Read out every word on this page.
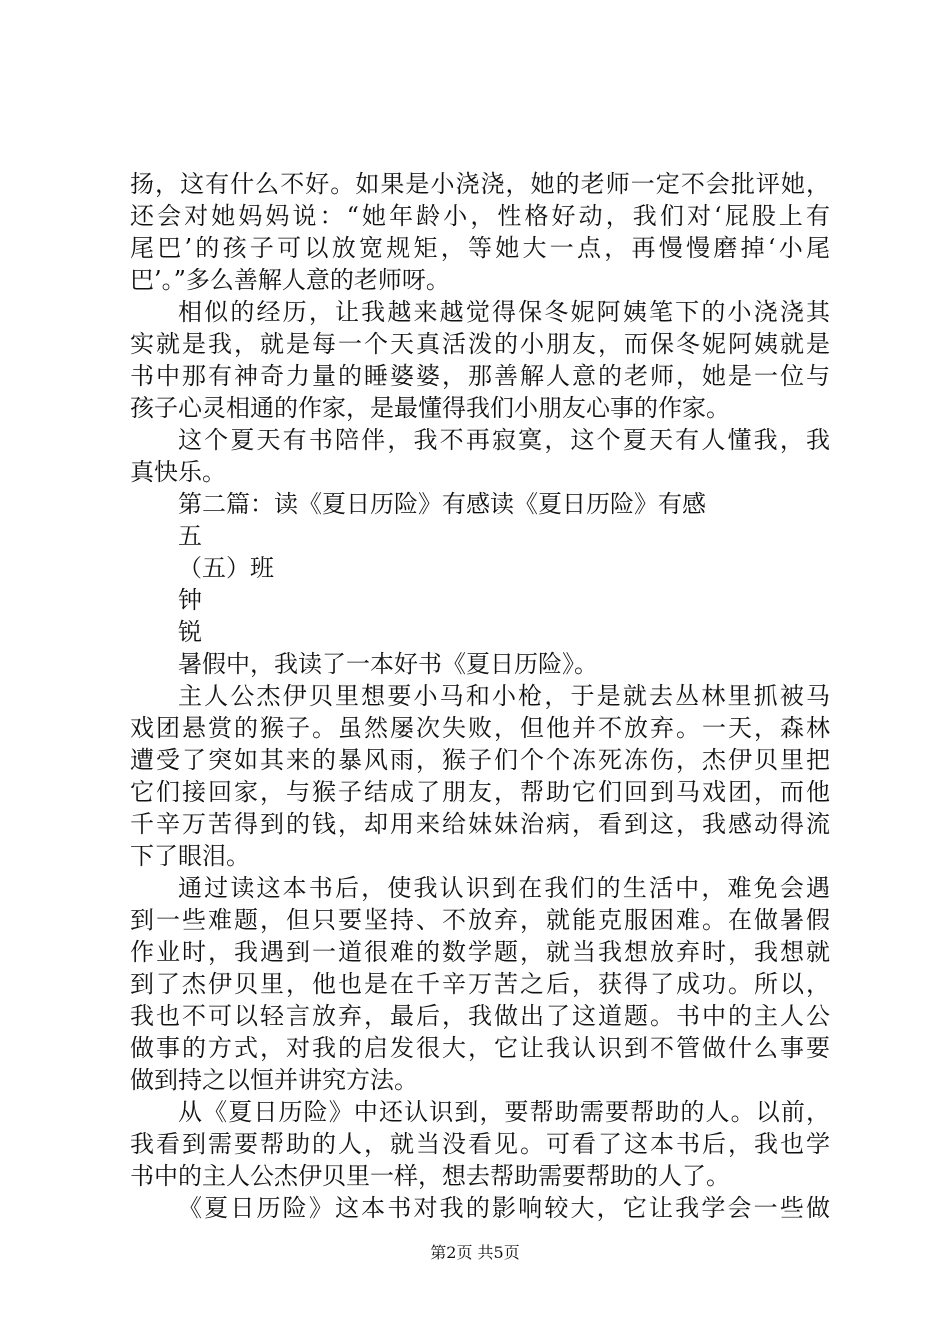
扬，这有什么不好。如果是小浇浇，她的老师一定不会批评她，
还会对她妈妈说：“她年龄小，性格好动，我们对‘屁股上有
尾巴’的孩子可以放宽规矩，等她大一点，再慢慢磨掉‘小尾
巴’。”多么善解人意的老师呀。
相似的经历，让我越来越觉得保冬妮阿姨笔下的小浇浇其
实就是我，就是每一个天真活泼的小朋友，而保冬妮阿姨就是
书中那有神奇力量的睡婆婆，那善解人意的老师，她是一位与
孩子心灵相通的作家，是最懂得我们小朋友心事的作家。
这个夏天有书陪伴，我不再寂寞，这个夏天有人懂我，我
真快乐。
第二篇：读《夏日历险》有感读《夏日历险》有感
五
（五）班
钟
锐
暑假中，我读了一本好书《夏日历险》。
主人公杰伊贝里想要小马和小枪，于是就去丛林里抓被马
戏团悬赏的猴子。虽然屡次失败，但他并不放弃。一天，森林
遭受了突如其来的暴风雨，猴子们个个冻死冻伤，杰伊贝里把
它们接回家，与猴子结成了朋友，帮助它们回到马戏团，而他
千辛万苦得到的钱，却用来给妹妹治病，看到这，我感动得流
下了眼泪。
通过读这本书后，使我认识到在我们的生活中，难免会遇
到一些难题，但只要坚持、不放弃，就能克服困难。在做暑假
作业时，我遇到一道很难的数学题，就当我想放弃时，我想就
到了杰伊贝里，他也是在千辛万苦之后，获得了成功。所以，
我也不可以轻言放弃，最后，我做出了这道题。书中的主人公
做事的方式，对我的启发很大，它让我认识到不管做什么事要
做到持之以恒并讲究方法。
从《夏日历险》中还认识到，要帮助需要帮助的人。以前，
我看到需要帮助的人，就当没看见。可看了这本书后，我也学
书中的主人公杰伊贝里一样，想去帮助需要帮助的人了。
《夏日历险》这本书对我的影响较大，它让我学会一些做
第2页 共5页
